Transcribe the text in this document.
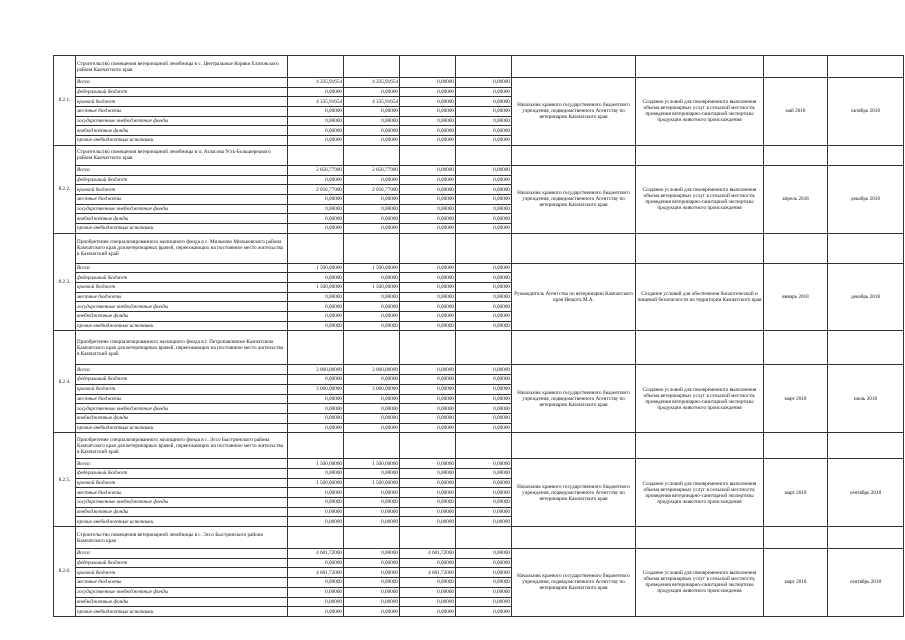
8.2.1.	Строительство помещения ветеринарной лечебницы в с. Центральные Коряки Елизовского района Камчатского края								
	Всего:	4 335,91654	4 335,91654	0,00000	0,00000	Начальник краевого государственного бюджетного учреждения, подведомственного Агентству по ветеринарии Камчатского края	Создание условий для своевременного выполнения объема ветеринарных услуг в сельской местности, проведения ветеринарно-санитарной экспертизы продукции животного происхождения	май 2018	октябрь 2018
	федеральный бюджет	0,00000	0,00000	0,00000	0,00000				
	краевой бюджет	4 335,91654	4 335,91654	0,00000	0,00000				
	местные бюджеты	0,00000	0,00000	0,00000	0,00000				
	государственные внебюджетные фонды	0,00000	0,00000	0,00000	0,00000				
	внебюджетные фонды	0,00000	0,00000	0,00000	0,00000				
	прочие внебюджетные источники	0,00000	0,00000	0,00000	0,00000				
8.2.2.	Строительство помещения ветеринарной лечебницы в п. Атласова Усть-Большерецкого района Камчатского края								
	Всего:	2 056,77900	2 056,77900	0,00000	0,00000	Начальник краевого государственного бюджетного учреждения, подведомственного Агентству по ветеринарии Камчатского края	Создание условий для своевременного выполнения объема ветеринарных услуг в сельской местности, проведения ветеринарно-санитарной экспертизы продукции животного происхождения	апрель 2018	декабрь 2018
	федеральный бюджет	0,00000	0,00000	0,00000	0,00000				
	краевой бюджет	2 056,77900	2 056,77900	0,00000	0,00000				
	местные бюджеты	0,00000	0,00000	0,00000	0,00000				
	государственные внебюджетные фонды	0,00000	0,00000	0,00000	0,00000				
	внебюджетные фонды	0,00000	0,00000	0,00000	0,00000				
	прочие внебюджетные источники	0,00000	0,00000	0,00000	0,00000				
8.2.3.	Приобретение специализированного жилищного фонда в с. Мильково Мильковского района Камчатского края для ветеринарных врачей, переезжающих на постоянное место жительства в Камчатский край								
	Всего:	1 500,00000	1 500,00000	0,00000	0,00000	Руководитель Агентства по ветеринарии Камчатского края Нещота М.А.	Создание условий для обеспечения биологической и пищевой безопасности на территории Камчатского края	январь 2018	декабрь 2018
	федеральный бюджет	0,00000	0,00000	0,00000	0,00000				
	краевой бюджет	1 500,00000	1 500,00000	0,00000	0,00000				
	местные бюджеты	0,00000	0,00000	0,00000	0,00000				
	государственные внебюджетные фонды	0,00000	0,00000	0,00000	0,00000				
	внебюджетные фонды	0,00000	0,00000	0,00000	0,00000				
	прочие внебюджетные источники	0,00000	0,00000	0,00000	0,00000				
8.2.4.	Приобретение специализированного жилищного фонда в г. Петропавловске-Камчатском Камчатского края для ветеринарных врачей, переезжающих на постоянное место жительства в Камчатский край								
	Всего:	3 000,00000	3 000,00000	0,00000	0,00000	Начальник краевого государственного бюджетного учреждения, подведомственного Агентству по ветеринарии Камчатского края	Создание условий для своевременного выполнения объема ветеринарных услуг в сельской местности, проведения ветеринарно-санитарной экспертизы продукции животного происхождения	март 2018	июль 2018
	федеральный бюджет	0,00000	0,00000	0,00000	0,00000				
	краевой бюджет	3 000,00000	3 000,00000	0,00000	0,00000				
	местные бюджеты	0,00000	0,00000	0,00000	0,00000				
	государственные внебюджетные фонды	0,00000	0,00000	0,00000	0,00000				
	внебюджетные фонды	0,00000	0,00000	0,00000	0,00000				
	прочие внебюджетные источники	0,00000	0,00000	0,00000	0,00000				
8.2.5.	Приобретение специализированного жилищного фонда в с. Эссо Быстринского района Камчатского края для ветеринарных врачей, переезжающих на постоянное место жительства в Камчатский край								
	Всего:	1 500,00000	1 500,00000	0,00000	0,00000	Начальник краевого государственного бюджетного учреждения, подведомственного Агентству по ветеринарии Камчатского края	Создание условий для своевременного выполнения объема ветеринарных услуг в сельской местности, проведения ветеринарно-санитарной экспертизы продукции животного происхождения	март 2018	сентябрь 2018
	федеральный бюджет	0,00000	0,00000	0,00000	0,00000				
	краевой бюджет	1 500,00000	1 500,00000	0,00000	0,00000				
	местные бюджеты	0,00000	0,00000	0,00000	0,00000				
	государственные внебюджетные фонды	0,00000	0,00000	0,00000	0,00000				
	внебюджетные фонды	0,00000	0,00000	0,00000	0,00000				
	прочие внебюджетные источники	0,00000	0,00000	0,00000	0,00000				
8.2.6.	Строительство помещения ветеринарной лечебницы в с. Эссо Быстринского района Камчатского края								
	Всего:	4 681,72000	0,00000	4 681,72000	0,00000	Начальник краевого государственного бюджетного учреждения, подведомственного Агентству по ветеринарии Камчатского края	Создание условий для своевременного выполнения объема ветеринарных услуг в сельской местности, проведения ветеринарно-санитарной экспертизы продукции животного происхождения	март 2018	сентябрь 2018
	федеральный бюджет	0,00000	0,00000	0,00000	0,00000				
	краевой бюджет	4 681,72000	0,00000	4 681,72000	0,00000				
	местные бюджеты	0,00000	0,00000	0,00000	0,00000				
	государственные внебюджетные фонды	0,00000	0,00000	0,00000	0,00000				
	внебюджетные фонды	0,00000	0,00000	0,00000	0,00000				
	прочие внебюджетные источники	0,00000	0,00000	0,00000	0,00000				
